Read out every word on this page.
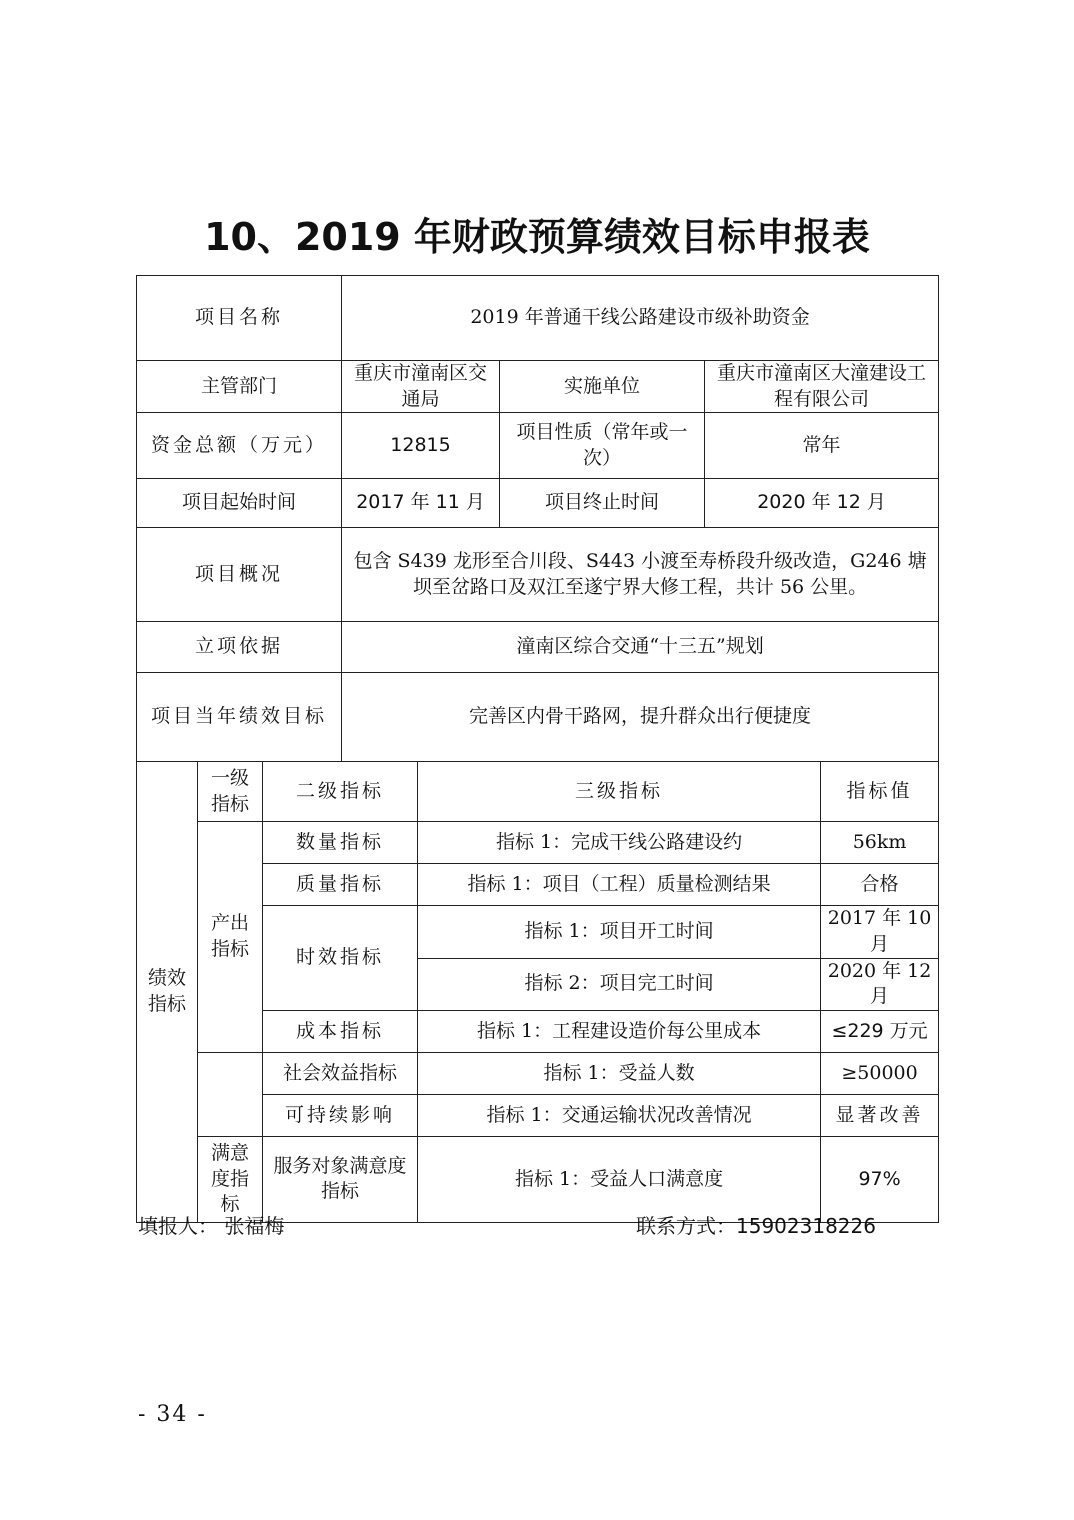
10、2019 年财政预算绩效目标申报表
项目名称			2019 年普通干线公路建设市级补助资金				
主管部门			重庆市潼南区交通局		实施单位	重庆市潼南区大潼建设工程有限公司	
资金总额（万元）			12815		项目性质（常年或一次）	常年	
项目起始时间			2017 年 11 月		项目终止时间	2020 年 12 月	
项目概况			包含 S439 龙形至合川段、S443 小渡至寿桥段升级改造，G246 塘坝至岔路口及双江至遂宁界大修工程，共计 56 公里。				
立项依据			潼南区综合交通“十三五”规划				
项目当年绩效目标			完善区内骨干路网，提升群众出行便捷度				
绩效指标	一级指标	二级指标		三级指标			指标值
	产出指标	数量指标		指标 1：完成干线公路建设约			56km
		质量指标		指标 1：项目（工程）质量检测结果			合格
		时效指标		指标 1：项目开工时间			2017 年 10 月
				指标 2：项目完工时间			2020 年 12 月
		成本指标		指标 1：工程建设造价每公里成本			≤229 万元
		社会效益指标		指标 1：受益人数			≥50000
		可持续影响		指标 1：交通运输状况改善情况			显著改善
	满意度指标	服务对象满意度指标		指标 1：受益人口满意度			97%
填报人： 张福梅	联系方式：15902318226
- 34 -
